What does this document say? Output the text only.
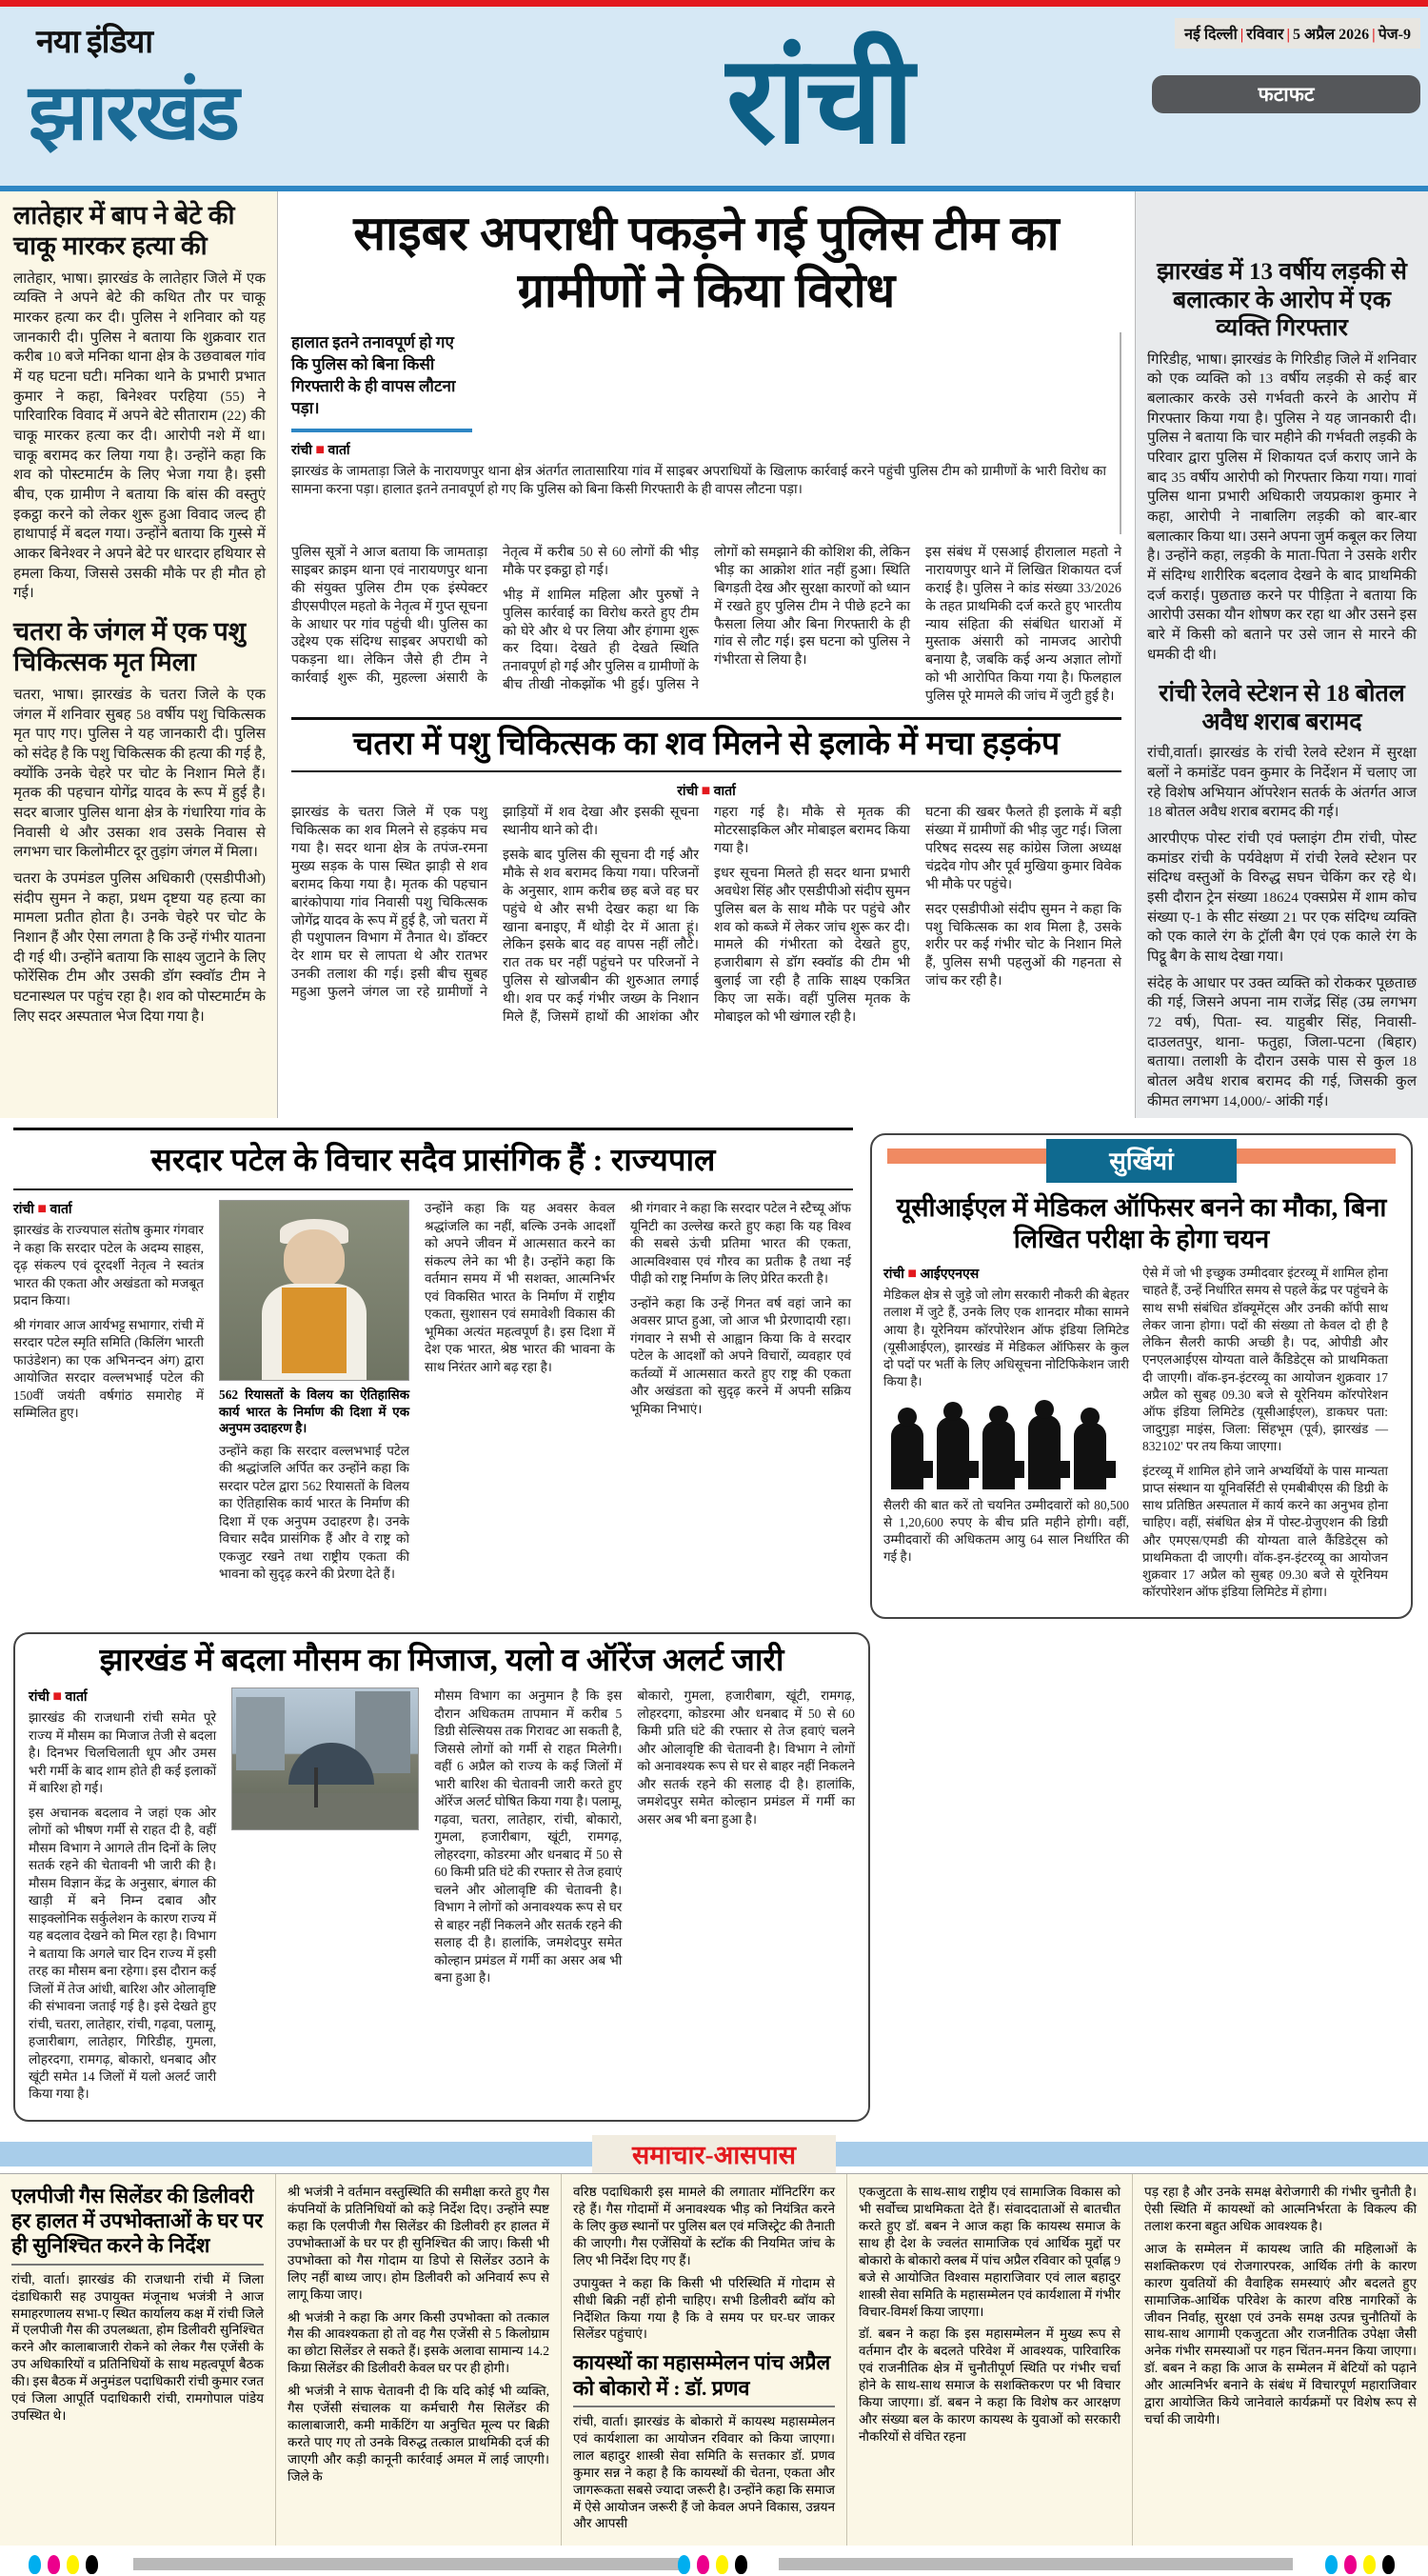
नया इंडिया
झारखंड	रांची	नई दिल्ली | रविवार | 5 अप्रैल 2026 | पेज-9
फटाफट
लातेहार में बाप ने बेटे की चाकू मारकर हत्या की

लातेहार, भाषा। झारखंड के लातेहार जिले में एक व्यक्ति ने अपने बेटे की कथित तौर पर चाकू मारकर हत्या कर दी। पुलिस ने शनिवार को यह जानकारी दी। पुलिस ने बताया कि शुक्रवार रात करीब 10 बजे मनिका थाना क्षेत्र के उछवाबल गांव में यह घटना घटी। मनिका थाने के प्रभारी प्रभात कुमार ने कहा, बिनेश्वर परहिया (55) ने पारिवारिक विवाद में अपने बेटे सीताराम (22) की चाकू मारकर हत्या कर दी। आरोपी नशे में था। चाकू बरामद कर लिया गया है। उन्होंने कहा कि शव को पोस्टमार्टम के लिए भेजा गया है। इसी बीच, एक ग्रामीण ने बताया कि बांस की वस्तुएं इकट्ठा करने को लेकर शुरू हुआ विवाद जल्द ही हाथापाई में बदल गया। उन्होंने बताया कि गुस्से में आकर बिनेश्वर ने अपने बेटे पर धारदार हथियार से हमला किया, जिससे उसकी मौके पर ही मौत हो गई।

चतरा के जंगल में एक पशु चिकित्सक मृत मिला

चतरा, भाषा। झारखंड के चतरा जिले के एक जंगल में शनिवार सुबह 58 वर्षीय पशु चिकित्सक मृत पाए गए। पुलिस ने यह जानकारी दी। पुलिस को संदेह है कि पशु चिकित्सक की हत्या की गई है, क्योंकि उनके चेहरे पर चोट के निशान मिले हैं। मृतक की पहचान योगेंद्र यादव के रूप में हुई है। सदर बाजार पुलिस थाना क्षेत्र के गंधारिया गांव के निवासी थे और उसका शव उसके निवास से लगभग चार किलोमीटर दूर तुड़ांग जंगल में मिला।

चतरा के उपमंडल पुलिस अधिकारी (एसडीपीओ) संदीप सुमन ने कहा, प्रथम दृष्टया यह हत्या का मामला प्रतीत होता है। उनके चेहरे पर चोट के निशान हैं और ऐसा लगता है कि उन्हें गंभीर यातना दी गई थी। उन्होंने बताया कि साक्ष्य जुटाने के लिए फोरेंसिक टीम और उसकी डॉग स्क्वॉड टीम ने घटनास्थल पर पहुंच रहा है। शव को पोस्टमार्टम के लिए सदर अस्पताल भेज दिया गया है।

साइबर अपराधी पकड़ने गई पुलिस टीम का ग्रामीणों ने किया विरोध
हालात इतने तनावपूर्ण हो गए कि पुलिस को बिना किसी गिरफ्तारी के ही वापस लौटना पड़ा।
रांची ■ वार्ता

झारखंड के जामताड़ा जिले के नारायणपुर थाना क्षेत्र अंतर्गत लातासारिया गांव में साइबर अपराधियों के खिलाफ कार्रवाई करने पहुंची पुलिस टीम को ग्रामीणों के भारी विरोध का सामना करना पड़ा। हालात इतने तनावपूर्ण हो गए कि पुलिस को बिना किसी गिरफ्तारी के ही वापस लौटना पड़ा।

पुलिस सूत्रों ने आज बताया कि जामताड़ा साइबर क्राइम थाना एवं नारायणपुर थाना की संयुक्त पुलिस टीम एक इंस्पेक्टर डीएसपीएल महतो के नेतृत्व में गुप्त सूचना के आधार पर गांव पहुंची थी। पुलिस का उद्देश्य एक संदिग्ध साइबर अपराधी को पकड़ना था। लेकिन जैसे ही टीम ने कार्रवाई शुरू की, मुहल्ला अंसारी के नेतृत्व में करीब 50 से 60 लोगों की भीड़ मौके पर इकट्ठा हो गई।

भीड़ में शामिल महिला और पुरुषों ने पुलिस कार्रवाई का विरोध करते हुए टीम को घेरे और थे पर लिया और हंगामा शुरू कर दिया। देखते ही देखते स्थिति तनावपूर्ण हो गई और पुलिस व ग्रामीणों के बीच तीखी नोकझोंक भी हुई। पुलिस ने लोगों को समझाने की कोशिश की, लेकिन भीड़ का आक्रोश शांत नहीं हुआ। स्थिति बिगड़ती देख और सुरक्षा कारणों को ध्यान में रखते हुए पुलिस टीम ने पीछे हटने का फैसला लिया और बिना गिरफ्तारी के ही गांव से लौट गई। इस घटना को पुलिस ने गंभीरता से लिया है।

इस संबंध में एसआई हीरालाल महतो ने नारायणपुर थाने में लिखित शिकायत दर्ज कराई है। पुलिस ने कांड संख्या 33/2026 के तहत प्राथमिकी दर्ज करते हुए भारतीय न्याय संहिता की संबंधित धाराओं में मुस्ताक अंसारी को नामजद आरोपी बनाया है, जबकि कई अन्य अज्ञात लोगों को भी आरोपित किया गया है। फिलहाल पुलिस पूरे मामले की जांच में जुटी हुई है।

चतरा में पशु चिकित्सक का शव मिलने से इलाके में मचा हड़कंप
रांची ■ वार्ता

झारखंड के चतरा जिले में एक पशु चिकित्सक का शव मिलने से हड़कंप मच गया है। सदर थाना क्षेत्र के तपंज-रमना मुख्य सड़क के पास स्थित झाड़ी से शव बरामद किया गया है। मृतक की पहचान बारंकोपाया गांव निवासी पशु चिकित्सक जोगेंद्र यादव के रूप में हुई है, जो चतरा में ही पशुपालन विभाग में तैनात थे। डॉक्टर देर शाम घर से लापता थे और रातभर उनकी तलाश की गई। इसी बीच सुबह महुआ फुलने जंगल जा रहे ग्रामीणों ने झाड़ियों में शव देखा और इसकी सूचना स्थानीय थाने को दी।

इसके बाद पुलिस की सूचना दी गई और मौके से शव बरामद किया गया। परिजनों के अनुसार, शाम करीब छह बजे वह घर पहुंचे थे और सभी देखर कहा था कि खाना बनाइए, मैं थोड़ी देर में आता हूं। लेकिन इसके बाद वह वापस नहीं लौटे। रात तक घर नहीं पहुंचने पर परिजनों ने पुलिस से खोजबीन की शुरुआत लगाई थी। शव पर कई गंभीर जख्म के निशान मिले हैं, जिसमें हाथों की आशंका और गहरा गई है। मौके से मृतक की मोटरसाइकिल और मोबाइल बरामद किया गया है।

इधर सूचना मिलते ही सदर थाना प्रभारी अवधेश सिंह और एसडीपीओ संदीप सुमन पुलिस बल के साथ मौके पर पहुंचे और शव को कब्जे में लेकर जांच शुरू कर दी। मामले की गंभीरता को देखते हुए, हजारीबाग से डॉग स्क्वॉड की टीम भी बुलाई जा रही है ताकि साक्ष्य एकत्रित किए जा सकें। वहीं पुलिस मृतक के मोबाइल को भी खंगाल रही है।

घटना की खबर फैलते ही इलाके में बड़ी संख्या में ग्रामीणों की भीड़ जुट गई। जिला परिषद सदस्य सह कांग्रेस जिला अध्यक्ष चंद्रदेव गोप और पूर्व मुखिया कुमार विवेक भी मौके पर पहुंचे।

सदर एसडीपीओ संदीप सुमन ने कहा कि पशु चिकित्सक का शव मिला है, उसके शरीर पर कई गंभीर चोट के निशान मिले हैं, पुलिस सभी पहलुओं की गहनता से जांच कर रही है।

झारखंड में 13 वर्षीय लड़की से बलात्कार के आरोप में एक व्यक्ति गिरफ्तार

गिरिडीह, भाषा। झारखंड के गिरिडीह जिले में शनिवार को एक व्यक्ति को 13 वर्षीय लड़की से कई बार बलात्कार करके उसे गर्भवती करने के आरोप में गिरफ्तार किया गया है। पुलिस ने यह जानकारी दी। पुलिस ने बताया कि चार महीने की गर्भवती लड़की के परिवार द्वारा पुलिस में शिकायत दर्ज कराए जाने के बाद 35 वर्षीय आरोपी को गिरफ्तार किया गया। गावां पुलिस थाना प्रभारी अधिकारी जयप्रकाश कुमार ने कहा, आरोपी ने नाबालिग लड़की को बार-बार बलात्कार किया था। उसने अपना जुर्म कबूल कर लिया है। उन्होंने कहा, लड़की के माता-पिता ने उसके शरीर में संदिग्ध शारीरिक बदलाव देखने के बाद प्राथमिकी दर्ज कराई। पुछताछ करने पर पीड़िता ने बताया कि आरोपी उसका यौन शोषण कर रहा था और उसने इस बारे में किसी को बताने पर उसे जान से मारने की धमकी दी थी।

रांची रेलवे स्टेशन से 18 बोतल अवैध शराब बरामद

रांची,वार्ता। झारखंड के रांची रेलवे स्टेशन में सुरक्षा बलों ने कमांडेंट पवन कुमार के निर्देशन में चलाए जा रहे विशेष अभियान ऑपरेशन सतर्क के अंतर्गत आज 18 बोतल अवैध शराब बरामद की गई।

आरपीएफ पोस्ट रांची एवं फ्लाइंग टीम रांची, पोस्ट कमांडर रांची के पर्यवेक्षण में रांची रेलवे स्टेशन पर संदिग्ध वस्तुओं के विरुद्ध सघन चेकिंग कर रहे थे। इसी दौरान ट्रेन संख्या 18624 एक्सप्रेस में शाम कोच संख्या ए-1 के सीट संख्या 21 पर एक संदिग्ध व्यक्ति को एक काले रंग के ट्रॉली बैग एवं एक काले रंग के पिट्ठू बैग के साथ देखा गया।

संदेह के आधार पर उक्त व्यक्ति को रोककर पूछताछ की गई, जिसने अपना नाम राजेंद्र सिंह (उम्र लगभग 72 वर्ष), पिता- स्व. याहुबीर सिंह, निवासी- दाउलतपुर, थाना- फतुहा, जिला-पटना (बिहार) बताया। तलाशी के दौरान उसके पास से कुल 18 बोतल अवैध शराब बरामद की गई, जिसकी कुल कीमत लगभग 14,000/- आंकी गई।

सरदार पटेल के विचार सदैव प्रासंगिक हैं : राज्यपाल
रांची ■ वार्ता

झारखंड के राज्यपाल संतोष कुमार गंगवार ने कहा कि सरदार पटेल के अदम्य साहस, दृढ़ संकल्प एवं दूरदर्शी नेतृत्व ने स्वतंत्र भारत की एकता और अखंडता को मजबूत प्रदान किया।

श्री गंगवार आज आर्यभट्ट सभागार, रांची में सरदार पटेल स्मृति समिति (किलिंग भारती फाउंडेशन) का एक अभिनन्दन अंग) द्वारा आयोजित सरदार वल्लभभाई पटेल की 150वीं जयंती वर्षगांठ समारोह में सम्मिलित हुए।

562 रियासतों के विलय का ऐतिहासिक कार्य भारत के निर्माण की दिशा में एक अनुपम उदाहरण है।

उन्होंने कहा कि सरदार वल्लभभाई पटेल की श्रद्धांजलि अर्पित कर उन्होंने कहा कि सरदार पटेल द्वारा 562 रियासतों के विलय का ऐतिहासिक कार्य भारत के निर्माण की दिशा में एक अनुपम उदाहरण है। उनके विचार सदैव प्रासंगिक हैं और वे राष्ट्र को एकजुट रखने तथा राष्ट्रीय एकता की भावना को सुदृढ़ करने की प्रेरणा देते हैं।

उन्होंने कहा कि यह अवसर केवल श्रद्धांजलि का नहीं, बल्कि उनके आदर्शों को अपने जीवन में आत्मसात करने का संकल्प लेने का भी है। उन्होंने कहा कि वर्तमान समय में भी सशक्त, आत्मनिर्भर एवं विकसित भारत के निर्माण में राष्ट्रीय एकता, सुशासन एवं समावेशी विकास की भूमिका अत्यंत महत्वपूर्ण है। इस दिशा में देश एक भारत, श्रेष्ठ भारत की भावना के साथ निरंतर आगे बढ़ रहा है।

श्री गंगवार ने कहा कि सरदार पटेल ने स्टैच्यू ऑफ यूनिटी का उल्लेख करते हुए कहा कि यह विश्व की सबसे ऊंची प्रतिमा भारत की एकता, आत्मविश्वास एवं गौरव का प्रतीक है तथा नई पीढ़ी को राष्ट्र निर्माण के लिए प्रेरित करती है।

उन्होंने कहा कि उन्हें गिनत वर्ष वहां जाने का अवसर प्राप्त हुआ, जो आज भी प्रेरणादायी रहा। गंगवार ने सभी से आह्वान किया कि वे सरदार पटेल के आदर्शों को अपने विचारों, व्यवहार एवं कर्तव्यों में आत्मसात करते हुए राष्ट्र की एकता और अखंडता को सुदृढ़ करने में अपनी सक्रिय भूमिका निभाएं।

सुर्खियां
यूसीआईएल में मेडिकल ऑफिसर बनने का मौका, बिना लिखित परीक्षा के होगा चयन
रांची ■ आईएएनएस

मेडिकल क्षेत्र से जुड़े जो लोग सरकारी नौकरी की बेहतर तलाश में जुटे हैं, उनके लिए एक शानदार मौका सामने आया है। यूरेनियम कॉरपोरेशन ऑफ इंडिया लिमिटेड (यूसीआईएल), झारखंड में मेडिकल ऑफिसर के कुल दो पदों पर भर्ती के लिए अधिसूचना नोटिफिकेशन जारी किया है।

सैलरी की बात करें तो चयनित उम्मीदवारों को 80,500 से 1,20,600 रुपए के बीच प्रति महीने होगी। वहीं, उम्मीदवारों की अधिकतम आयु 64 साल निर्धारित की गई है।

ऐसे में जो भी इच्छुक उम्मीदवार इंटरव्यू में शामिल होना चाहते हैं, उन्हें निर्धारित समय से पहले केंद्र पर पहुंचने के साथ सभी संबंधित डॉक्यूमेंट्स और उनकी कॉपी साथ लेकर जाना होगा। पदों की संख्या तो केवल दो ही है लेकिन सैलरी काफी अच्छी है। पद, ओपीडी और एनएलआईएस योग्यता वाले कैंडिडेट्स को प्राथमिकता दी जाएगी। वॉक-इन-इंटरव्यू का आयोजन शुक्रवार 17 अप्रैल को सुबह 09.30 बजे से यूरेनियम कॉरपोरेशन ऑफ इंडिया लिमिटेड (यूसीआईएल), डाकघर पता: जादुगुड़ा माइंस, जिला: सिंहभूम (पूर्व), झारखंड — 832102' पर तय किया जाएगा।

इंटरव्यू में शामिल होने जाने अभ्यर्थियों के पास मान्यता प्राप्त संस्थान या यूनिवर्सिटी से एमबीबीएस की डिग्री के साथ प्रतिष्ठित अस्पताल में कार्य करने का अनुभव होना चाहिए। वहीं, संबंधित क्षेत्र में पोस्ट-ग्रेजुएशन की डिग्री और एमएस/एमडी की योग्यता वाले कैंडिडेट्स को प्राथमिकता दी जाएगी। वॉक-इन-इंटरव्यू का आयोजन शुक्रवार 17 अप्रैल को सुबह 09.30 बजे से यूरेनियम कॉरपोरेशन ऑफ इंडिया लिमिटेड में होगा।

झारखंड में बदला मौसम का मिजाज, यलो व ऑरेंज अलर्ट जारी
रांची ■ वार्ता

झारखंड की राजधानी रांची समेत पूरे राज्य में मौसम का मिजाज तेजी से बदला है। दिनभर चिलचिलाती धूप और उमस भरी गर्मी के बाद शाम होते ही कई इलाकों में बारिश हो गई।

इस अचानक बदलाव ने जहां एक ओर लोगों को भीषण गर्मी से राहत दी है, वहीं मौसम विभाग ने आगले तीन दिनों के लिए सतर्क रहने की चेतावनी भी जारी की है। मौसम विज्ञान केंद्र के अनुसार, बंगाल की खाड़ी में बने निम्न दबाव और साइक्लोनिक सर्कुलेशन के कारण राज्य में यह बदलाव देखने को मिल रहा है। विभाग ने बताया कि अगले चार दिन राज्य में इसी तरह का मौसम बना रहेगा। इस दौरान कई जिलों में तेज आंधी, बारिश और ओलावृष्टि की संभावना जताई गई है। इसे देखते हुए रांची, चतरा, लातेहार, रांची, गढ़वा, पलामू, हजारीबाग, लातेहार, गिरिडीह, गुमला, लोहरदगा, रामगढ़, बोकारो, धनबाद और खूंटी समेत 14 जिलों में यलो अलर्ट जारी किया गया है।

मौसम विभाग का अनुमान है कि इस दौरान अधिकतम तापमान में करीब 5 डिग्री सेल्सियस तक गिरावट आ सकती है, जिससे लोगों को गर्मी से राहत मिलेगी। वहीं 6 अप्रैल को राज्य के कई जिलों में भारी बारिश की चेतावनी जारी करते हुए ऑरेंज अलर्ट घोषित किया गया है। पलामू, गढ़वा, चतरा, लातेहार, रांची, बोकारो, गुमला, हजारीबाग, खूंटी, रामगढ़, लोहरदगा, कोडरमा और धनबाद में 50 से 60 किमी प्रति घंटे की रफ्तार से तेज हवाएं चलने और ओलावृष्टि की चेतावनी है। विभाग ने लोगों को अनावश्यक रूप से घर से बाहर नहीं निकलने और सतर्क रहने की सलाह दी है। हालांकि, जमशेदपुर समेत कोल्हान प्रमंडल में गर्मी का असर अब भी बना हुआ है।

बोकारो, गुमला, हजारीबाग, खूंटी, रामगढ़, लोहरदगा, कोडरमा और धनबाद में 50 से 60 किमी प्रति घंटे की रफ्तार से तेज हवाएं चलने और ओलावृष्टि की चेतावनी है। विभाग ने लोगों को अनावश्यक रूप से घर से बाहर नहीं निकलने और सतर्क रहने की सलाह दी है। हालांकि, जमशेदपुर समेत कोल्हान प्रमंडल में गर्मी का असर अब भी बना हुआ है।

समाचार-आसपास
एलपीजी गैस सिलेंडर की डिलीवरी हर हालत में उपभोक्ताओं के घर पर ही सुनिश्चित करने के निर्देश

रांची, वार्ता। झारखंड की राजधानी रांची में जिला दंडाधिकारी सह उपायुक्त मंजूनाथ भजंत्री ने आज समाहरणालय सभा-ए स्थित कार्यालय कक्ष में रांची जिले में एलपीजी गैस की उपलब्धता, होम डिलीवरी सुनिश्चित करने और कालाबाजारी रोकने को लेकर गैस एजेंसी के उप अधिकारियों व प्रतिनिधियों के साथ महत्वपूर्ण बैठक की। इस बैठक में अनुमंडल पदाधिकारी रांची कुमार रजत एवं जिला आपूर्ति पदाधिकारी रांची, रामगोपाल पांडेय उपस्थित थे।

श्री भजंत्री ने वर्तमान वस्तुस्थिति की समीक्षा करते हुए गैस कंपनियों के प्रतिनिधियों को कड़े निर्देश दिए। उन्होंने स्पष्ट कहा कि एलपीजी गैस सिलेंडर की डिलीवरी हर हालत में उपभोक्ताओं के घर पर ही सुनिश्चित की जाए। किसी भी उपभोक्ता को गैस गोदाम या डिपो से सिलेंडर उठाने के लिए नहीं बाध्य जाए। होम डिलीवरी को अनिवार्य रूप से लागू किया जाए।

श्री भजंत्री ने कहा कि अगर किसी उपभोक्ता को तत्काल गैस की आवश्यकता हो तो वह गैस एजेंसी से 5 किलोग्राम का छोटा सिलेंडर ले सकते हैं। इसके अलावा सामान्य 14.2 किग्रा सिलेंडर की डिलीवरी केवल घर पर ही होगी।

श्री भजंत्री ने साफ चेतावनी दी कि यदि कोई भी व्यक्ति, गैस एजेंसी संचालक या कर्मचारी गैस सिलेंडर की कालाबाजारी, कमी मार्केटिंग या अनुचित मूल्य पर बिक्री करते पाए गए तो उनके विरुद्ध तत्काल प्राथमिकी दर्ज की जाएगी और कड़ी कानूनी कार्रवाई अमल में लाई जाएगी। जिले के

वरिष्ठ पदाधिकारी इस मामले की लगातार मॉनिटरिंग कर रहे हैं। गैस गोदामों में अनावश्यक भीड़ को नियंत्रित करने के लिए कुछ स्थानों पर पुलिस बल एवं मजिस्ट्रेट की तैनाती की जाएगी। गैस एजेंसियों के स्टॉक की नियमित जांच के लिए भी निर्देश दिए गए हैं।

उपायुक्त ने कहा कि किसी भी परिस्थिति में गोदाम से सीधी बिक्री नहीं होनी चाहिए। सभी डिलीवरी ब्वॉय को निर्देशित किया गया है कि वे समय पर घर-घर जाकर सिलेंडर पहुंचाएं।

कायस्थों का महासम्मेलन पांच अप्रैल को बोकारो में : डॉ. प्रणव

रांची, वार्ता। झारखंड के बोकारो में कायस्थ महासम्मेलन एवं कार्यशाला का आयोजन रविवार को किया जाएगा। लाल बहादुर शास्त्री सेवा समिति के सत्तकार डॉ. प्रणव कुमार सन्न ने कहा है कि कायस्थों की चेतना, एकता और जागरूकता सबसे ज्यादा जरूरी है। उन्होंने कहा कि समाज में ऐसे आयोजन जरूरी हैं जो केवल अपने विकास, उन्नयन और आपसी

एकजुटता के साथ-साथ राष्ट्रीय एवं सामाजिक विकास को भी सर्वोच्च प्राथमिकता देते हैं। संवाददाताओं से बातचीत करते हुए डॉ. बबन ने आज कहा कि कायस्थ समाज के साथ ही देश के ज्वलंत सामाजिक एवं आर्थिक मुद्दों पर बोकारो के बोकारो क्लब में पांच अप्रैल रविवार को पूर्वाह्न 9 बजे से आयोजित विश्वास महाराजिवार एवं लाल बहादुर शास्त्री सेवा समिति के महासम्मेलन एवं कार्यशाला में गंभीर विचार-विमर्श किया जाएगा।

डॉ. बबन ने कहा कि इस महासम्मेलन में मुख्य रूप से वर्तमान दौर के बदलते परिवेश में आवश्यक, पारिवारिक एवं राजनीतिक क्षेत्र में चुनौतीपूर्ण स्थिति पर गंभीर चर्चा होने के साथ-साथ समाज के सशक्तिकरण पर भी विचार किया जाएगा। डॉ. बबन ने कहा कि विशेष कर आरक्षण और संख्या बल के कारण कायस्थ के युवाओं को सरकारी नौकरियों से वंचित रहना

पड़ रहा है और उनके समक्ष बेरोजगारी की गंभीर चुनौती है। ऐसी स्थिति में कायस्थों को आत्मनिर्भरता के विकल्प की तलाश करना बहुत अधिक आवश्यक है।

आज के सम्मेलन में कायस्थ जाति की महिलाओं के सशक्तिकरण एवं रोजगारपरक, आर्थिक तंगी के कारण कारण युवतियों की वैवाहिक समस्याएं और बदलते हुए सामाजिक-आर्थिक परिवेश के कारण वरिष्ठ नागरिकों के जीवन निर्वाह, सुरक्षा एवं उनके समक्ष उत्पन्न चुनौतियों के साथ-साथ आगामी एकजुटता और राजनीतिक उपेक्षा जैसी अनेक गंभीर समस्याओं पर गहन चिंतन-मनन किया जाएगा। डॉ. बबन ने कहा कि आज के सम्मेलन में बेटियों को पढ़ाने और आत्मनिर्भर बनाने के संबंध में विचारपूर्ण महाराजिवार द्वारा आयोजित किये जानेवाले कार्यक्रमों पर विशेष रूप से चर्चा की जायेगी।
